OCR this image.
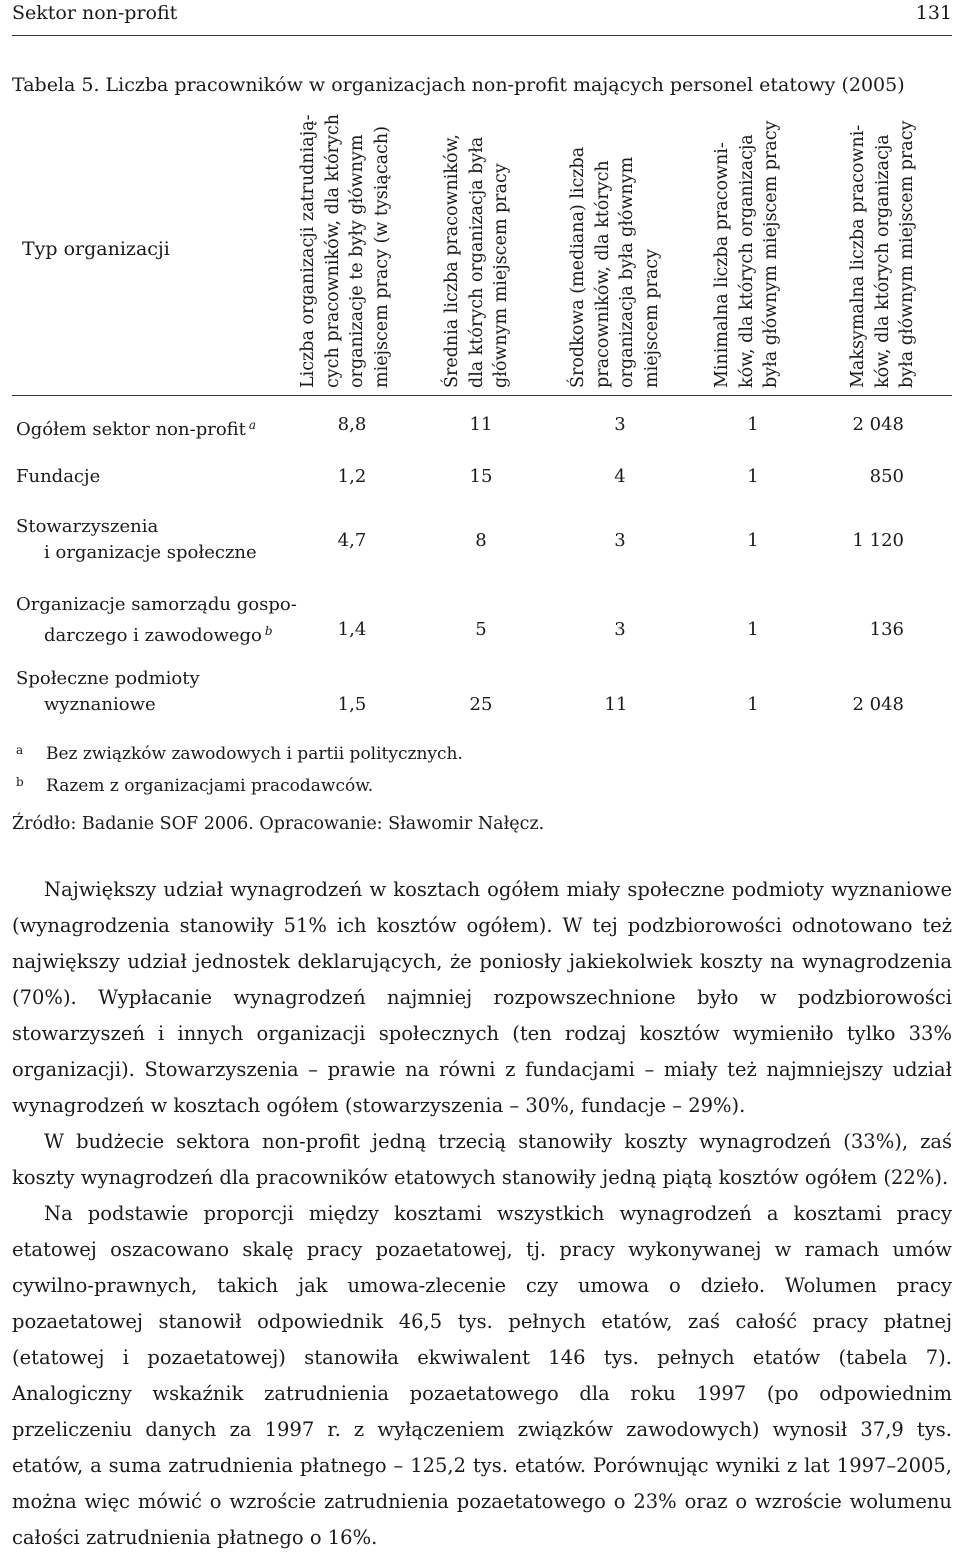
Sektor non-profit	131
Tabela 5. Liczba pracowników w organizacjach non-profit mających personel etatowy (2005)
Typ organizacji	Liczba organizacji zatrudniają- cych pracowników, dla których organizacje te były głównym miejscem pracy (w tysiącach)	Średnia liczba pracowników, dla których organizacja była głównym miejscem pracy	Środkowa (mediana) liczba pracowników, dla których organizacja była głównym miejscem pracy	Minimalna liczba pracowni- ków, dla których organizacja była głównym miejscem pracy	Maksymalna liczba pracowni- ków, dla których organizacja była głównym miejscem pracy
Ogółem sektor non-profit $^a$	8,8	11	3	1	2 048
Fundacje	1,2	15	4	1	850
Stowarzyszenia
i organizacje społeczne
4,7	8	3	1	1 120
Organizacje samorządu gospo-
darczego i zawodowego $^b$	1,4	5	3	1	136
Społeczne podmioty
wyznaniowe	1,5	25	11	1	2 048
a Bez związków zawodowych i partii politycznych.
b Razem z organizacjami pracodawców.
Źródło: Badanie SOF 2006. Opracowanie: Sławomir Nałęcz.

Największy udział wynagrodzeń w kosztach ogółem miały społeczne podmioty wyznaniowe (wynagrodzenia stanowiły 51% ich kosztów ogółem). W tej podzbiorowości odnotowano też największy udział jednostek deklarujących, że poniosły jakiekolwiek koszty na wynagrodzenia (70%). Wypłacanie wynagrodzeń najmniej rozpowszechnione było w podzbiorowości stowarzyszeń i innych organizacji społecznych (ten rodzaj kosztów wymieniło tylko 33% organizacji). Stowarzyszenia – prawie na równi z fundacjami – miały też najmniejszy udział wynagrodzeń w kosztach ogółem (stowarzyszenia – 30%, fundacje – 29%).

W budżecie sektora non-profit jedną trzecią stanowiły koszty wynagrodzeń (33%), zaś koszty wynagrodzeń dla pracowników etatowych stanowiły jedną piątą kosztów ogółem (22%).

Na podstawie proporcji między kosztami wszystkich wynagrodzeń a kosztami pracy etatowej oszacowano skalę pracy pozaetatowej, tj. pracy wykonywanej w ramach umów cywilno-prawnych, takich jak umowa-zlecenie czy umowa o dzieło. Wolumen pracy pozaetatowej stanowił odpowiednik 46,5 tys. pełnych etatów, zaś całość pracy płatnej (etatowej i pozaetatowej) stanowiła ekwiwalent 146 tys. pełnych etatów (tabela 7). Analogiczny wskaźnik zatrudnienia pozaetatowego dla roku 1997 (po odpowiednim przeliczeniu danych za 1997 r. z wyłączeniem związków zawodowych) wynosił 37,9 tys. etatów, a suma zatrudnienia płatnego – 125,2 tys. etatów. Porównując wyniki z lat 1997–2005, można więc mówić o wzroście zatrudnienia pozaetatowego o 23% oraz o wzroście wolumenu całości zatrudnienia płatnego o 16%.
